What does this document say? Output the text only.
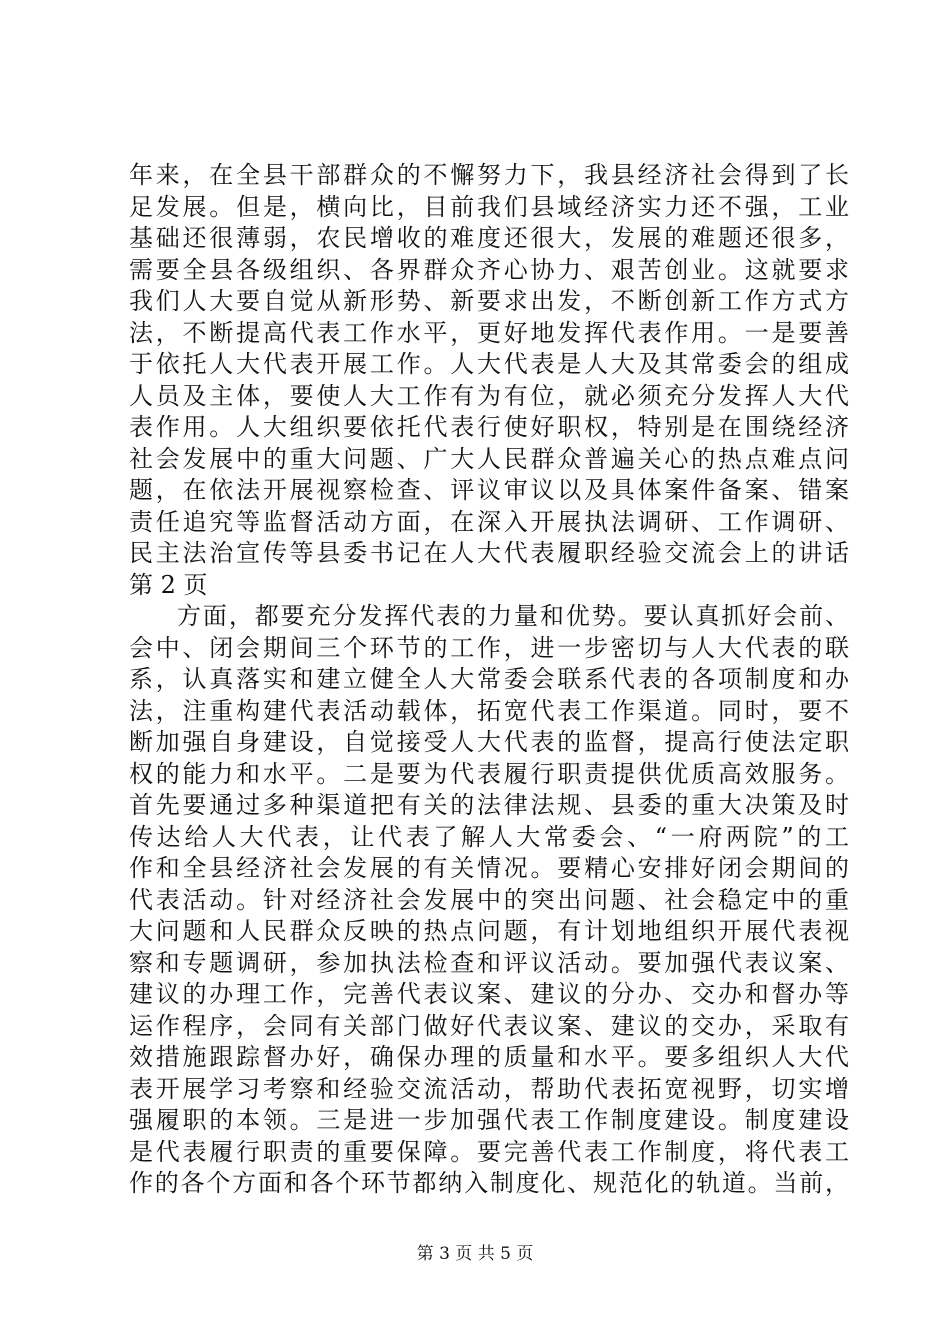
年来，在全县干部群众的不懈努力下，我县经济社会得到了长
足发展。但是，横向比，目前我们县域经济实力还不强，工业
基础还很薄弱，农民增收的难度还很大，发展的难题还很多，
需要全县各级组织、各界群众齐心协力、艰苦创业。这就要求
我们人大要自觉从新形势、新要求出发，不断创新工作方式方
法，不断提高代表工作水平，更好地发挥代表作用。一是要善
于依托人大代表开展工作。人大代表是人大及其常委会的组成
人员及主体，要使人大工作有为有位，就必须充分发挥人大代
表作用。人大组织要依托代表行使好职权，特别是在围绕经济
社会发展中的重大问题、广大人民群众普遍关心的热点难点问
题，在依法开展视察检查、评议审议以及具体案件备案、错案
责任追究等监督活动方面，在深入开展执法调研、工作调研、
民主法治宣传等县委书记在人大代表履职经验交流会上的讲话
第 2 页
方面，都要充分发挥代表的力量和优势。要认真抓好会前、
会中、闭会期间三个环节的工作，进一步密切与人大代表的联
系，认真落实和建立健全人大常委会联系代表的各项制度和办
法，注重构建代表活动载体，拓宽代表工作渠道。同时，要不
断加强自身建设，自觉接受人大代表的监督，提高行使法定职
权的能力和水平。二是要为代表履行职责提供优质高效服务。
首先要通过多种渠道把有关的法律法规、县委的重大决策及时
传达给人大代表，让代表了解人大常委会、“一府两院”的工
作和全县经济社会发展的有关情况。要精心安排好闭会期间的
代表活动。针对经济社会发展中的突出问题、社会稳定中的重
大问题和人民群众反映的热点问题，有计划地组织开展代表视
察和专题调研，参加执法检查和评议活动。要加强代表议案、
建议的办理工作，完善代表议案、建议的分办、交办和督办等
运作程序，会同有关部门做好代表议案、建议的交办，采取有
效措施跟踪督办好，确保办理的质量和水平。要多组织人大代
表开展学习考察和经验交流活动，帮助代表拓宽视野，切实增
强履职的本领。三是进一步加强代表工作制度建设。制度建设
是代表履行职责的重要保障。要完善代表工作制度，将代表工
作的各个方面和各个环节都纳入制度化、规范化的轨道。当前，
第 3 页 共 5 页
